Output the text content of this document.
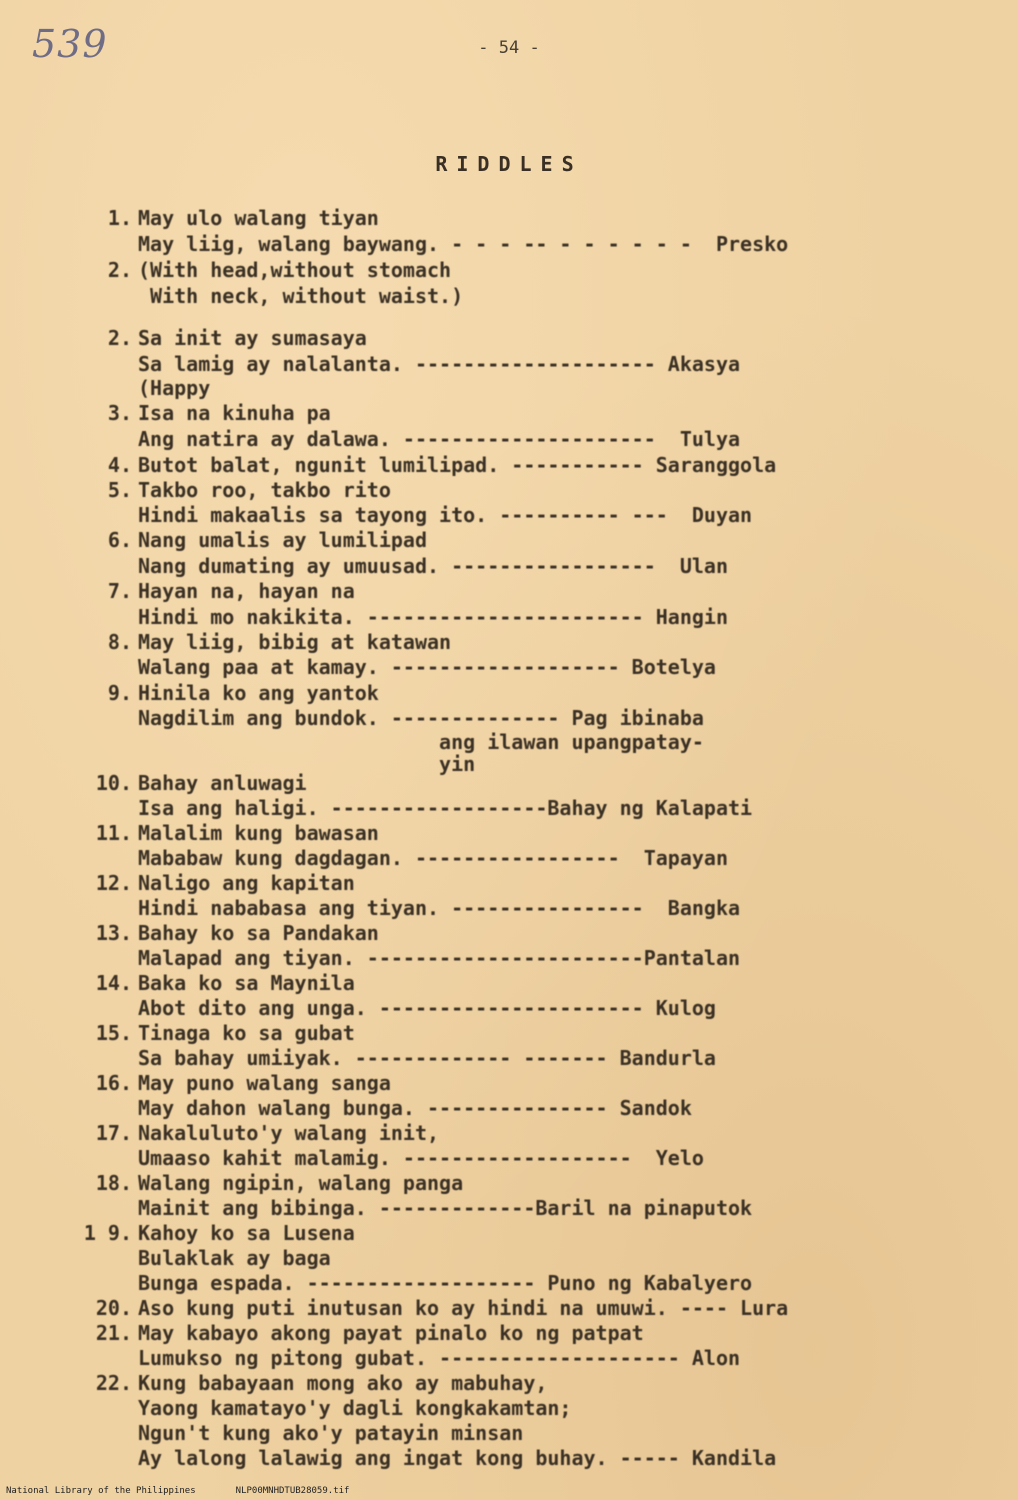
539	- 54 -
RIDDLES
1. May ulo walang tiyan
May liig, walang baywang. - - - -- - - - - - -  Presko
2. (With head,without stomach
With neck, without waist.)
2. Sa init ay sumasaya
Sa lamig ay nalalanta. -------------------- Akasya
(Happy
3. Isa na kinuha pa
Ang natira ay dalawa. ---------------------  Tulya
4. Butot balat, ngunit lumilipad. ----------- Saranggola
5. Takbo roo, takbo rito
Hindi makaalis sa tayong ito. ---------- ---  Duyan
6. Nang umalis ay lumilipad
Nang dumating ay umuusad. -----------------  Ulan
7. Hayan na, hayan na
Hindi mo nakikita. ----------------------- Hangin
8. May liig, bibig at katawan
Walang paa at kamay. ------------------- Botelya
9. Hinila ko ang yantok
Nagdilim ang bundok. -------------- Pag ibinaba
ang ilawan upangpatay-
yin
10. Bahay anluwagi
Isa ang haligi. ------------------Bahay ng Kalapati
11. Malalim kung bawasan
Mababaw kung dagdagan. -----------------  Tapayan
12. Naligo ang kapitan
Hindi nababasa ang tiyan. ----------------  Bangka
13. Bahay ko sa Pandakan
Malapad ang tiyan. -----------------------Pantalan
14. Baka ko sa Maynila
Abot dito ang unga. ---------------------- Kulog
15. Tinaga ko sa gubat
Sa bahay umiiyak. ------------- ------- Bandurla
16. May puno walang sanga
May dahon walang bunga. --------------- Sandok
17. Nakaluluto'y walang init,
Umaaso kahit malamig. -------------------  Yelo
18. Walang ngipin, walang panga
Mainit ang bibinga. -------------Baril na pinaputok
1 9. Kahoy ko sa Lusena
Bulaklak ay baga
Bunga espada. ------------------- Puno ng Kabalyero
20. Aso kung puti inutusan ko ay hindi na umuwi. ---- Lura
21. May kabayo akong payat pinalo ko ng patpat
Lumukso ng pitong gubat. -------------------- Alon
22. Kung babayaan mong ako ay mabuhay,
Yaong kamatayo'y dagli kongkakamtan;
Ngun't kung ako'y patayin minsan
Ay lalong lalawig ang ingat kong buhay. ----- Kandila
National Library of the Philippines	NLP00MNHDTUB28059.tif
